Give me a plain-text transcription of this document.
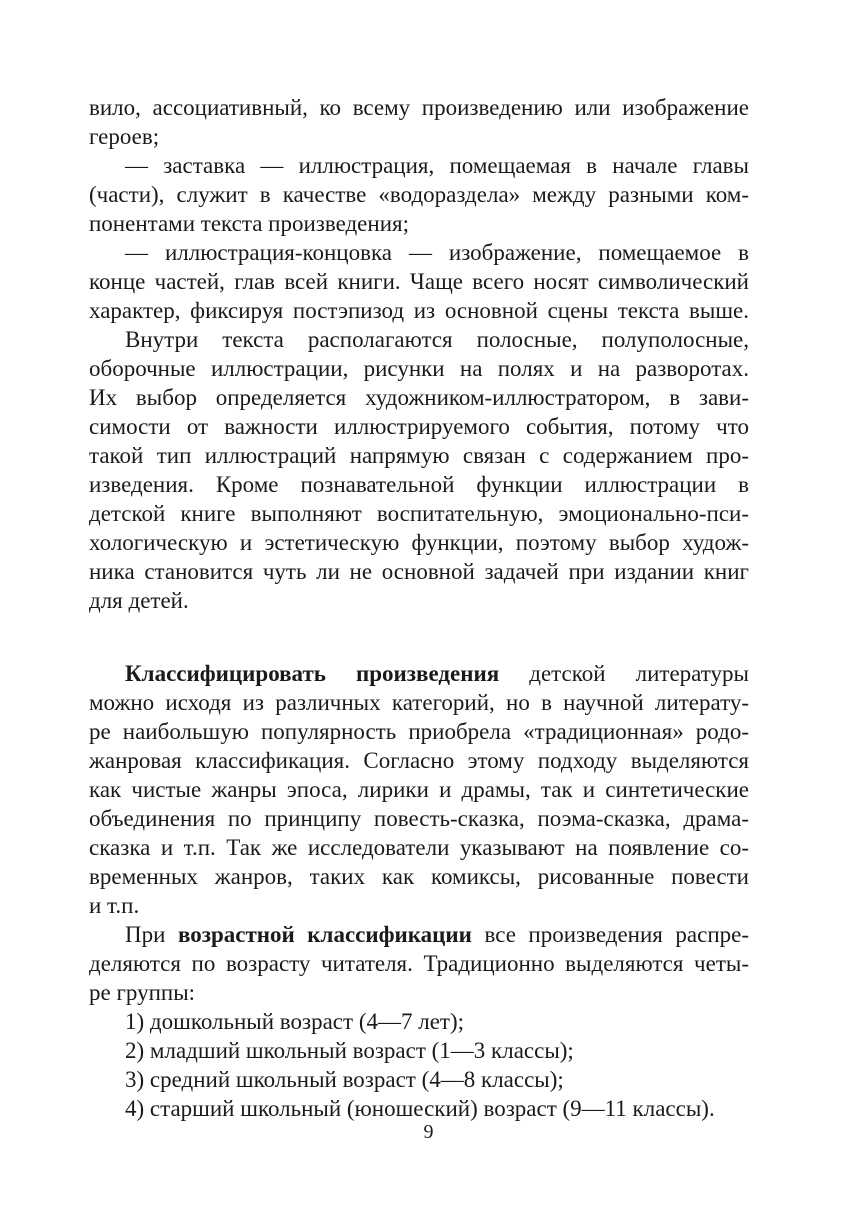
вило, ассоциативный, ко всему произведению или изображение
героев;
— заставка — иллюстрация, помещаемая в начале главы
(части), служит в качестве «водораздела» между разными ком-
понентами текста произведения;
— иллюстрация-концовка — изображение, помещаемое в
конце частей, глав всей книги. Чаще всего носят символический
характер, фиксируя постэпизод из основной сцены текста выше.
Внутри текста располагаются полосные, полуполосные,
оборочные иллюстрации, рисунки на полях и на разворотах.
Их выбор определяется художником-иллюстратором, в зави-
симости от важности иллюстрируемого события, потому что
такой тип иллюстраций напрямую связан с содержанием про-
изведения. Кроме познавательной функции иллюстрации в
детской книге выполняют воспитательную, эмоционально-пси-
хологическую и эстетическую функции, поэтому выбор худож-
ника становится чуть ли не основной задачей при издании книг
для детей.
Классифицировать произведения детской литературы
можно исходя из различных категорий, но в научной литерату-
ре наибольшую популярность приобрела «традиционная» родо-
жанровая классификация. Согласно этому подходу выделяются
как чистые жанры эпоса, лирики и драмы, так и синтетические
объединения по принципу повесть-сказка, поэма-сказка, драма-
сказка и т.п. Так же исследователи указывают на появление со-
временных жанров, таких как комиксы, рисованные повести
и т.п.
При возрастной классификации все произведения распре-
деляются по возрасту читателя. Традиционно выделяются четы-
ре группы:
1) дошкольный возраст (4—7 лет);
2) младший школьный возраст (1—3 классы);
3) средний школьный возраст (4—8 классы);
4) старший школьный (юношеский) возраст (9—11 классы).
9
